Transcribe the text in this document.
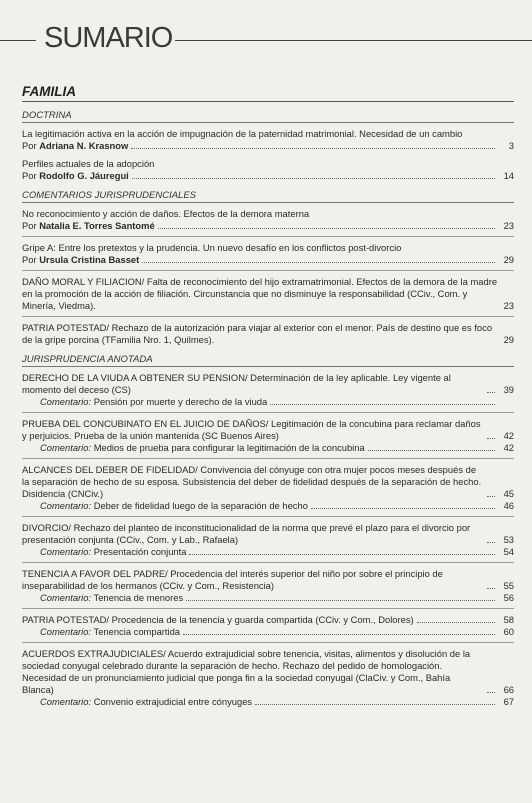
SUMARIO
FAMILIA
DOCTRINA
La legitimación activa en la acción de impugnación de la paternidad matrimonial. Necesidad de un cambio
Por Adriana N. Krasnow	3
Perfiles actuales de la adopción
Por Rodolfo G. Jáuregui	14
COMENTARIOS JURISPRUDENCIALES
No reconocimiento y acción de daños. Efectos de la demora materna
Por Natalia E. Torres Santomé	23
Gripe A: Entre los pretextos y la prudencia. Un nuevo desafío en los conflictos post-divorcio
Por Ursula Cristina Basset	29
DAÑO MORAL Y FILIACION/ Falta de reconocimiento del hijo extramatrimonial. Efectos de la demora de la madre en la promoción de la acción de filiación. Circunstancia que no disminuye la responsabilidad (CCiv., Com. y Minería, Viedma).	23
PATRIA POTESTAD/ Rechazo de la autorización para viajar al exterior con el menor. País de destino que es foco de la gripe porcina (TFamilia Nro. 1, Quilmes).	29
JURISPRUDENCIA ANOTADA
DERECHO DE LA VIUDA A OBTENER SU PENSION/ Determinación de la ley aplicable. Ley vigente al momento del deceso (CS)	39
Comentario: Pensión por muerte y derecho de la viuda
PRUEBA DEL CONCUBINATO EN EL JUICIO DE DAÑOS/ Legitimación de la concubina para reclamar daños y perjuicios. Prueba de la unión mantenida (SC Buenos Aires)	42
Comentario: Medios de prueba para configurar la legitimación de la concubina	42
ALCANCES DEL DEBER DE FIDELIDAD/ Convivencia del cónyuge con otra mujer pocos meses después de la separación de hecho de su esposa. Subsistencia del deber de fidelidad después de la separación de hecho. Disidencia (CNCiv.)	45
Comentario: Deber de fidelidad luego de la separación de hecho	46
DIVORCIO/ Rechazo del planteo de inconstitucionalidad de la norma que prevé el plazo para el divorcio por presentación conjunta (CCiv., Com. y Lab., Rafaela)	53
Comentario: Presentación conjunta	54
TENENCIA A FAVOR DEL PADRE/ Procedencia del interés superior del niño por sobre el principio de inseparabilidad de los hermanos (CCiv. y Com., Resistencia)	55
Comentario: Tenencia de menores	56
PATRIA POTESTAD/ Procedencia de la tenencia y guarda compartida (CCiv. y Com., Dolores)	58
Comentario: Tenencia compartida	60
ACUERDOS EXTRAJUDICIALES/ Acuerdo extrajudicial sobre tenencia, visitas, alimentos y disolución de la sociedad conyugal celebrado durante la separación de hecho. Rechazo del pedido de homologación. Necesidad de un pronunciamiento judicial que ponga fin a la sociedad conyugal (ClaCiv. y Com., Bahía Blanca)	66
Comentario: Convenio extrajudicial entre cónyuges	67
